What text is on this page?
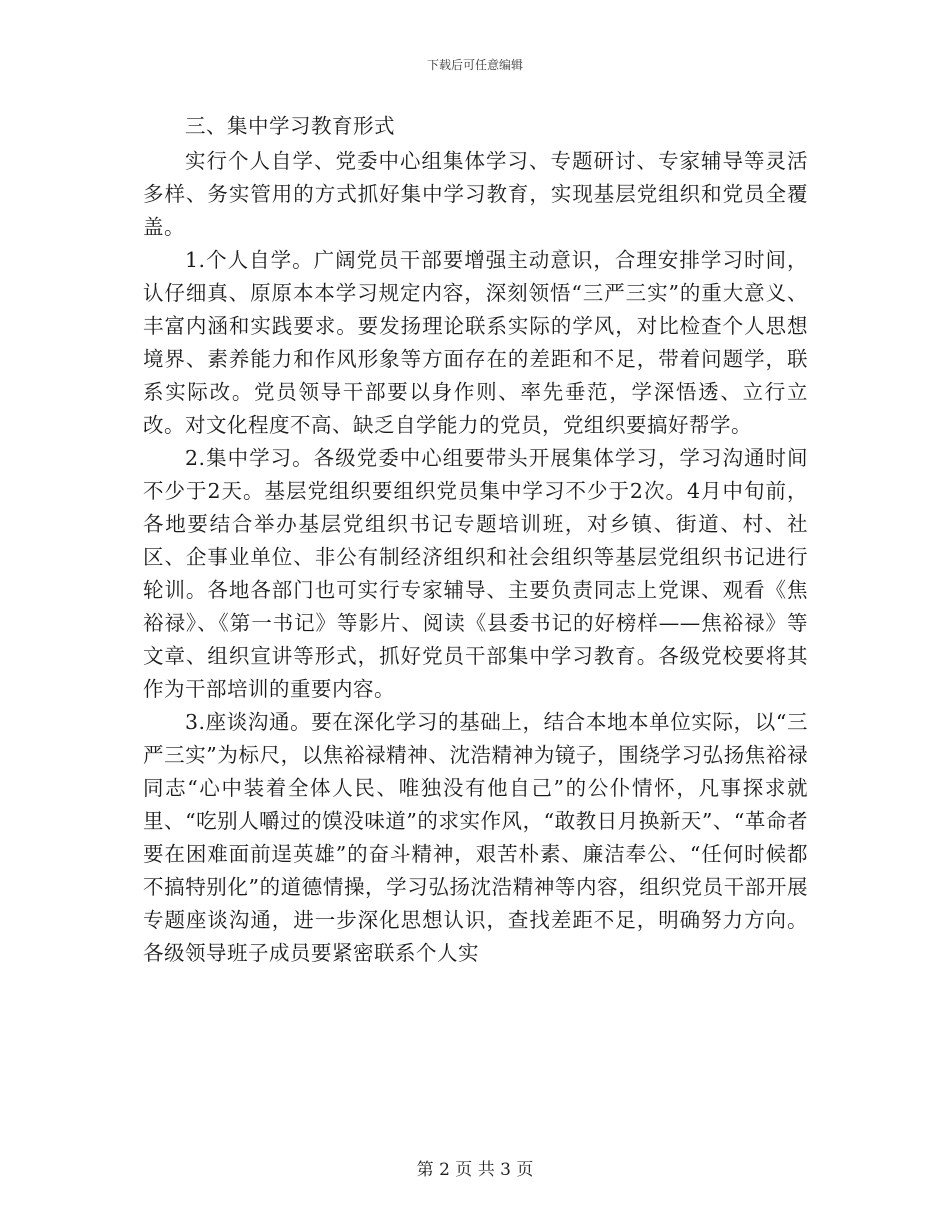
下载后可任意编辑

三、集中学习教育形式

实行个人自学、党委中心组集体学习、专题研讨、专家辅导等灵活多样、务实管用的方式抓好集中学习教育，实现基层党组织和党员全覆盖。

1.个人自学。广阔党员干部要增强主动意识，合理安排学习时间，认仔细真、原原本本学习规定内容，深刻领悟“三严三实”的重大意义、丰富内涵和实践要求。要发扬理论联系实际的学风，对比检查个人思想境界、素养能力和作风形象等方面存在的差距和不足，带着问题学，联系实际改。党员领导干部要以身作则、率先垂范，学深悟透、立行立改。对文化程度不高、缺乏自学能力的党员，党组织要搞好帮学。

2.集中学习。各级党委中心组要带头开展集体学习，学习沟通时间不少于2天。基层党组织要组织党员集中学习不少于2次。4月中旬前，各地要结合举办基层党组织书记专题培训班，对乡镇、街道、村、社区、企事业单位、非公有制经济组织和社会组织等基层党组织书记进行轮训。各地各部门也可实行专家辅导、主要负责同志上党课、观看《焦裕禄》、《第一书记》等影片、阅读《县委书记的好榜样——焦裕禄》等文章、组织宣讲等形式，抓好党员干部集中学习教育。各级党校要将其作为干部培训的重要内容。

3.座谈沟通。要在深化学习的基础上，结合本地本单位实际，以“三严三实”为标尺，以焦裕禄精神、沈浩精神为镜子，围绕学习弘扬焦裕禄同志“心中装着全体人民、唯独没有他自己”的公仆情怀，凡事探求就里、“吃别人嚼过的馍没味道”的求实作风，“敢教日月换新天”、“革命者要在困难面前逞英雄”的奋斗精神，艰苦朴素、廉洁奉公、“任何时候都不搞特别化”的道德情操，学习弘扬沈浩精神等内容，组织党员干部开展专题座谈沟通，进一步深化思想认识，查找差距不足，明确努力方向。各级领导班子成员要紧密联系个人实

第 2 页 共 3 页
